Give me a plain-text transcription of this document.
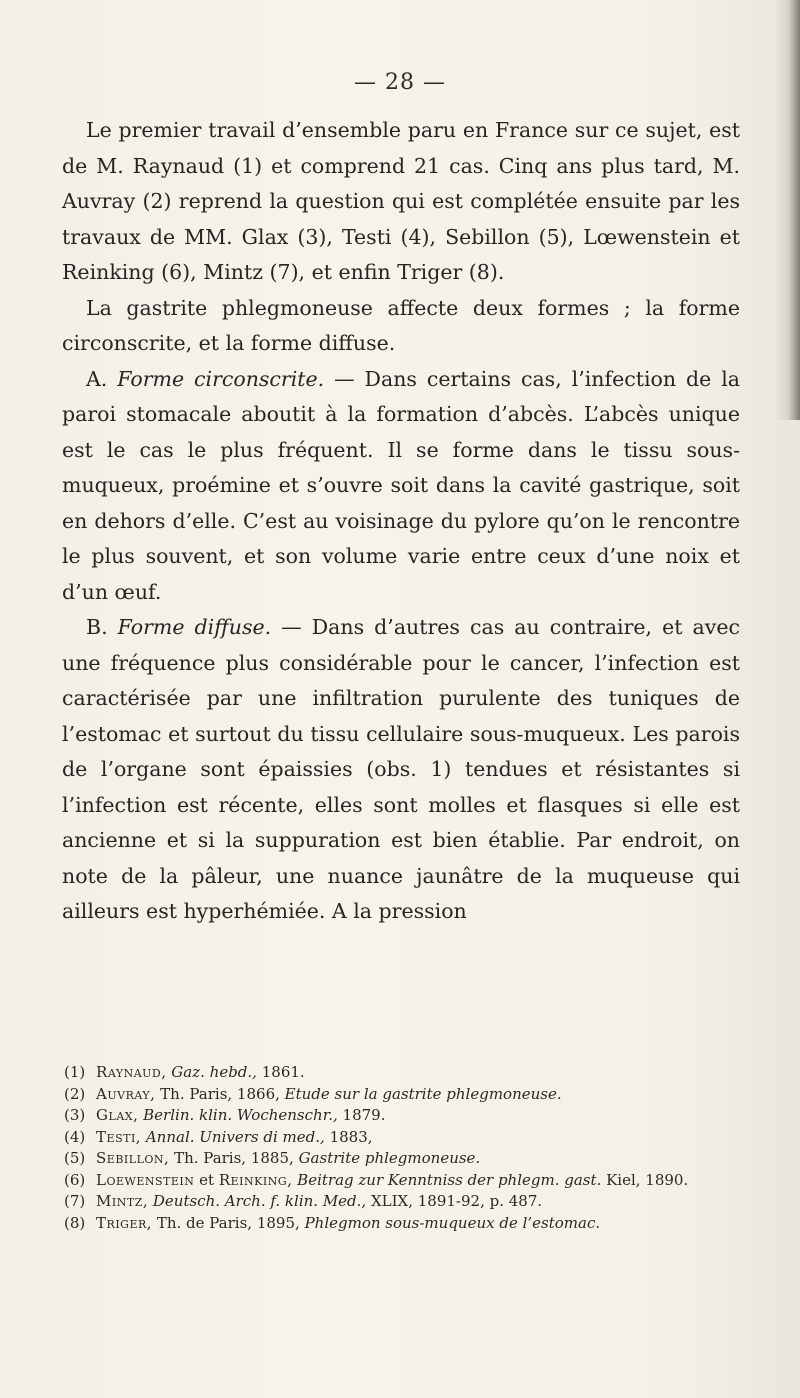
— 28 —

Le premier travail d’ensemble paru en France sur ce sujet, est de M. Raynaud (1) et comprend 21 cas. Cinq ans plus tard, M. Auvray (2) reprend la question qui est complétée ensuite par les travaux de MM. Glax (3), Testi (4), Sebillon (5), Lœwenstein et Reinking (6), Mintz (7), et enfin Triger (8).

La gastrite phlegmoneuse affecte deux formes ; la forme circonscrite, et la forme diffuse.

A. Forme circonscrite. — Dans certains cas, l’infection de la paroi stomacale aboutit à la formation d’abcès. L’abcès unique est le cas le plus fréquent. Il se forme dans le tissu sous-muqueux, proémine et s’ouvre soit dans la cavité gastrique, soit en dehors d’elle. C’est au voisinage du pylore qu’on le rencontre le plus souvent, et son volume varie entre ceux d’une noix et d’un œuf.

B. Forme diffuse. — Dans d’autres cas au contraire, et avec une fréquence plus considérable pour le cancer, l’infection est caractérisée par une infiltration purulente des tuniques de l’estomac et surtout du tissu cellulaire sous-muqueux. Les parois de l’organe sont épaissies (obs. 1) tendues et résistantes si l’infection est récente, elles sont molles et flasques si elle est ancienne et si la suppuration est bien établie. Par endroit, on note de la pâleur, une nuance jaunâtre de la muqueuse qui ailleurs est hyperhémiée. A la pression

(1) Raynaud, Gaz. hebd., 1861.

(2) Auvray, Th. Paris, 1866, Etude sur la gastrite phlegmoneuse.

(3) Glax, Berlin. klin. Wochenschr., 1879.

(4) Testi, Annal. Univers di med., 1883,

(5) Sebillon, Th. Paris, 1885, Gastrite phlegmoneuse.

(6) Loewenstein et Reinking, Beitrag zur Kenntniss der phlegm. gast. Kiel, 1890.

(7) Mintz, Deutsch. Arch. f. klin. Med., XLIX, 1891-92, p. 487.

(8) Triger, Th. de Paris, 1895, Phlegmon sous-muqueux de l’estomac.
